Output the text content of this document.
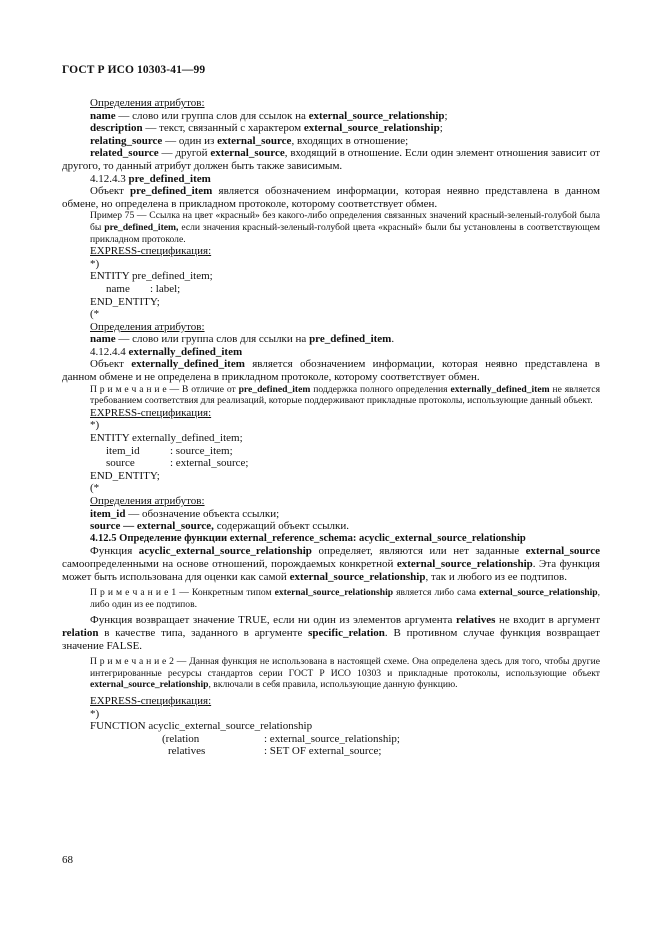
ГОСТ Р ИСО 10303-41—99
Определения атрибутов:
name — слово или группа слов для ссылок на external_source_relationship;
description — текст, связанный с характером external_source_relationship;
relating_source — один из external_source, входящих в отношение;
related_source — другой external_source, входящий в отношение. Если один элемент отношения зависит от другого, то данный атрибут должен быть также зависимым.
4.12.4.3 pre_defined_item
Объект pre_defined_item является обозначением информации, которая неявно представлена в данном обмене, но определена в прикладном протоколе, которому соответствует обмен.
Пример 75 — Ссылка на цвет «красный» без какого-либо определения связанных значений красный-зеленый-голубой была бы pre_defined_item, если значения красный-зеленый-голубой цвета «красный» были бы установлены в соответствующем прикладном протоколе.
EXPRESS-спецификация:
*)
ENTITY pre_defined_item;
name	: label;
END_ENTITY;
(*
Определения атрибутов:
name — слово или группа слов для ссылки на pre_defined_item.
4.12.4.4 externally_defined_item
Объект externally_defined_item является обозначением информации, которая неявно представлена в данном обмене и не определена в прикладном протоколе, которому соответствует обмен.
П р и м е ч а н и е — В отличие от pre_defined_item поддержка полного определения externally_defined_item не является требованием соответствия для реализаций, которые поддерживают прикладные протоколы, использующие данный объект.
EXPRESS-спецификация:
*)
ENTITY externally_defined_item;
item_id	: source_item;
source	: external_source;
END_ENTITY;
(*
Определения атрибутов:
item_id — обозначение объекта ссылки;
source — external_source, содержащий объект ссылки.
4.12.5 Определение функции external_reference_schema: acyclic_external_source_relationship
Функция acyclic_external_source_relationship определяет, являются или нет заданные external_source самоопределенными на основе отношений, порождаемых конкретной external_source_relationship. Эта функция может быть использована для оценки как самой external_source_relationship, так и любого из ее подтипов.
П р и м е ч а н и е 1 — Конкретным типом external_source_relationship является либо сама external_source_relationship, либо один из ее подтипов.
Функция возвращает значение TRUE, если ни один из элементов аргумента relatives не входит в аргумент relation в качестве типа, заданного в аргументе specific_relation. В противном случае функция возвращает значение FALSE.
П р и м е ч а н и е 2 — Данная функция не использована в настоящей схеме. Она определена здесь для того, чтобы другие интегрированные ресурсы стандартов серии ГОСТ Р ИСО 10303 и прикладные протоколы, использующие объект external_source_relationship, включали в себя правила, использующие данную функцию.
EXPRESS-спецификация:
*)
FUNCTION acyclic_external_source_relationship
(relation	: external_source_relationship;
relatives	: SET OF external_source;
68
